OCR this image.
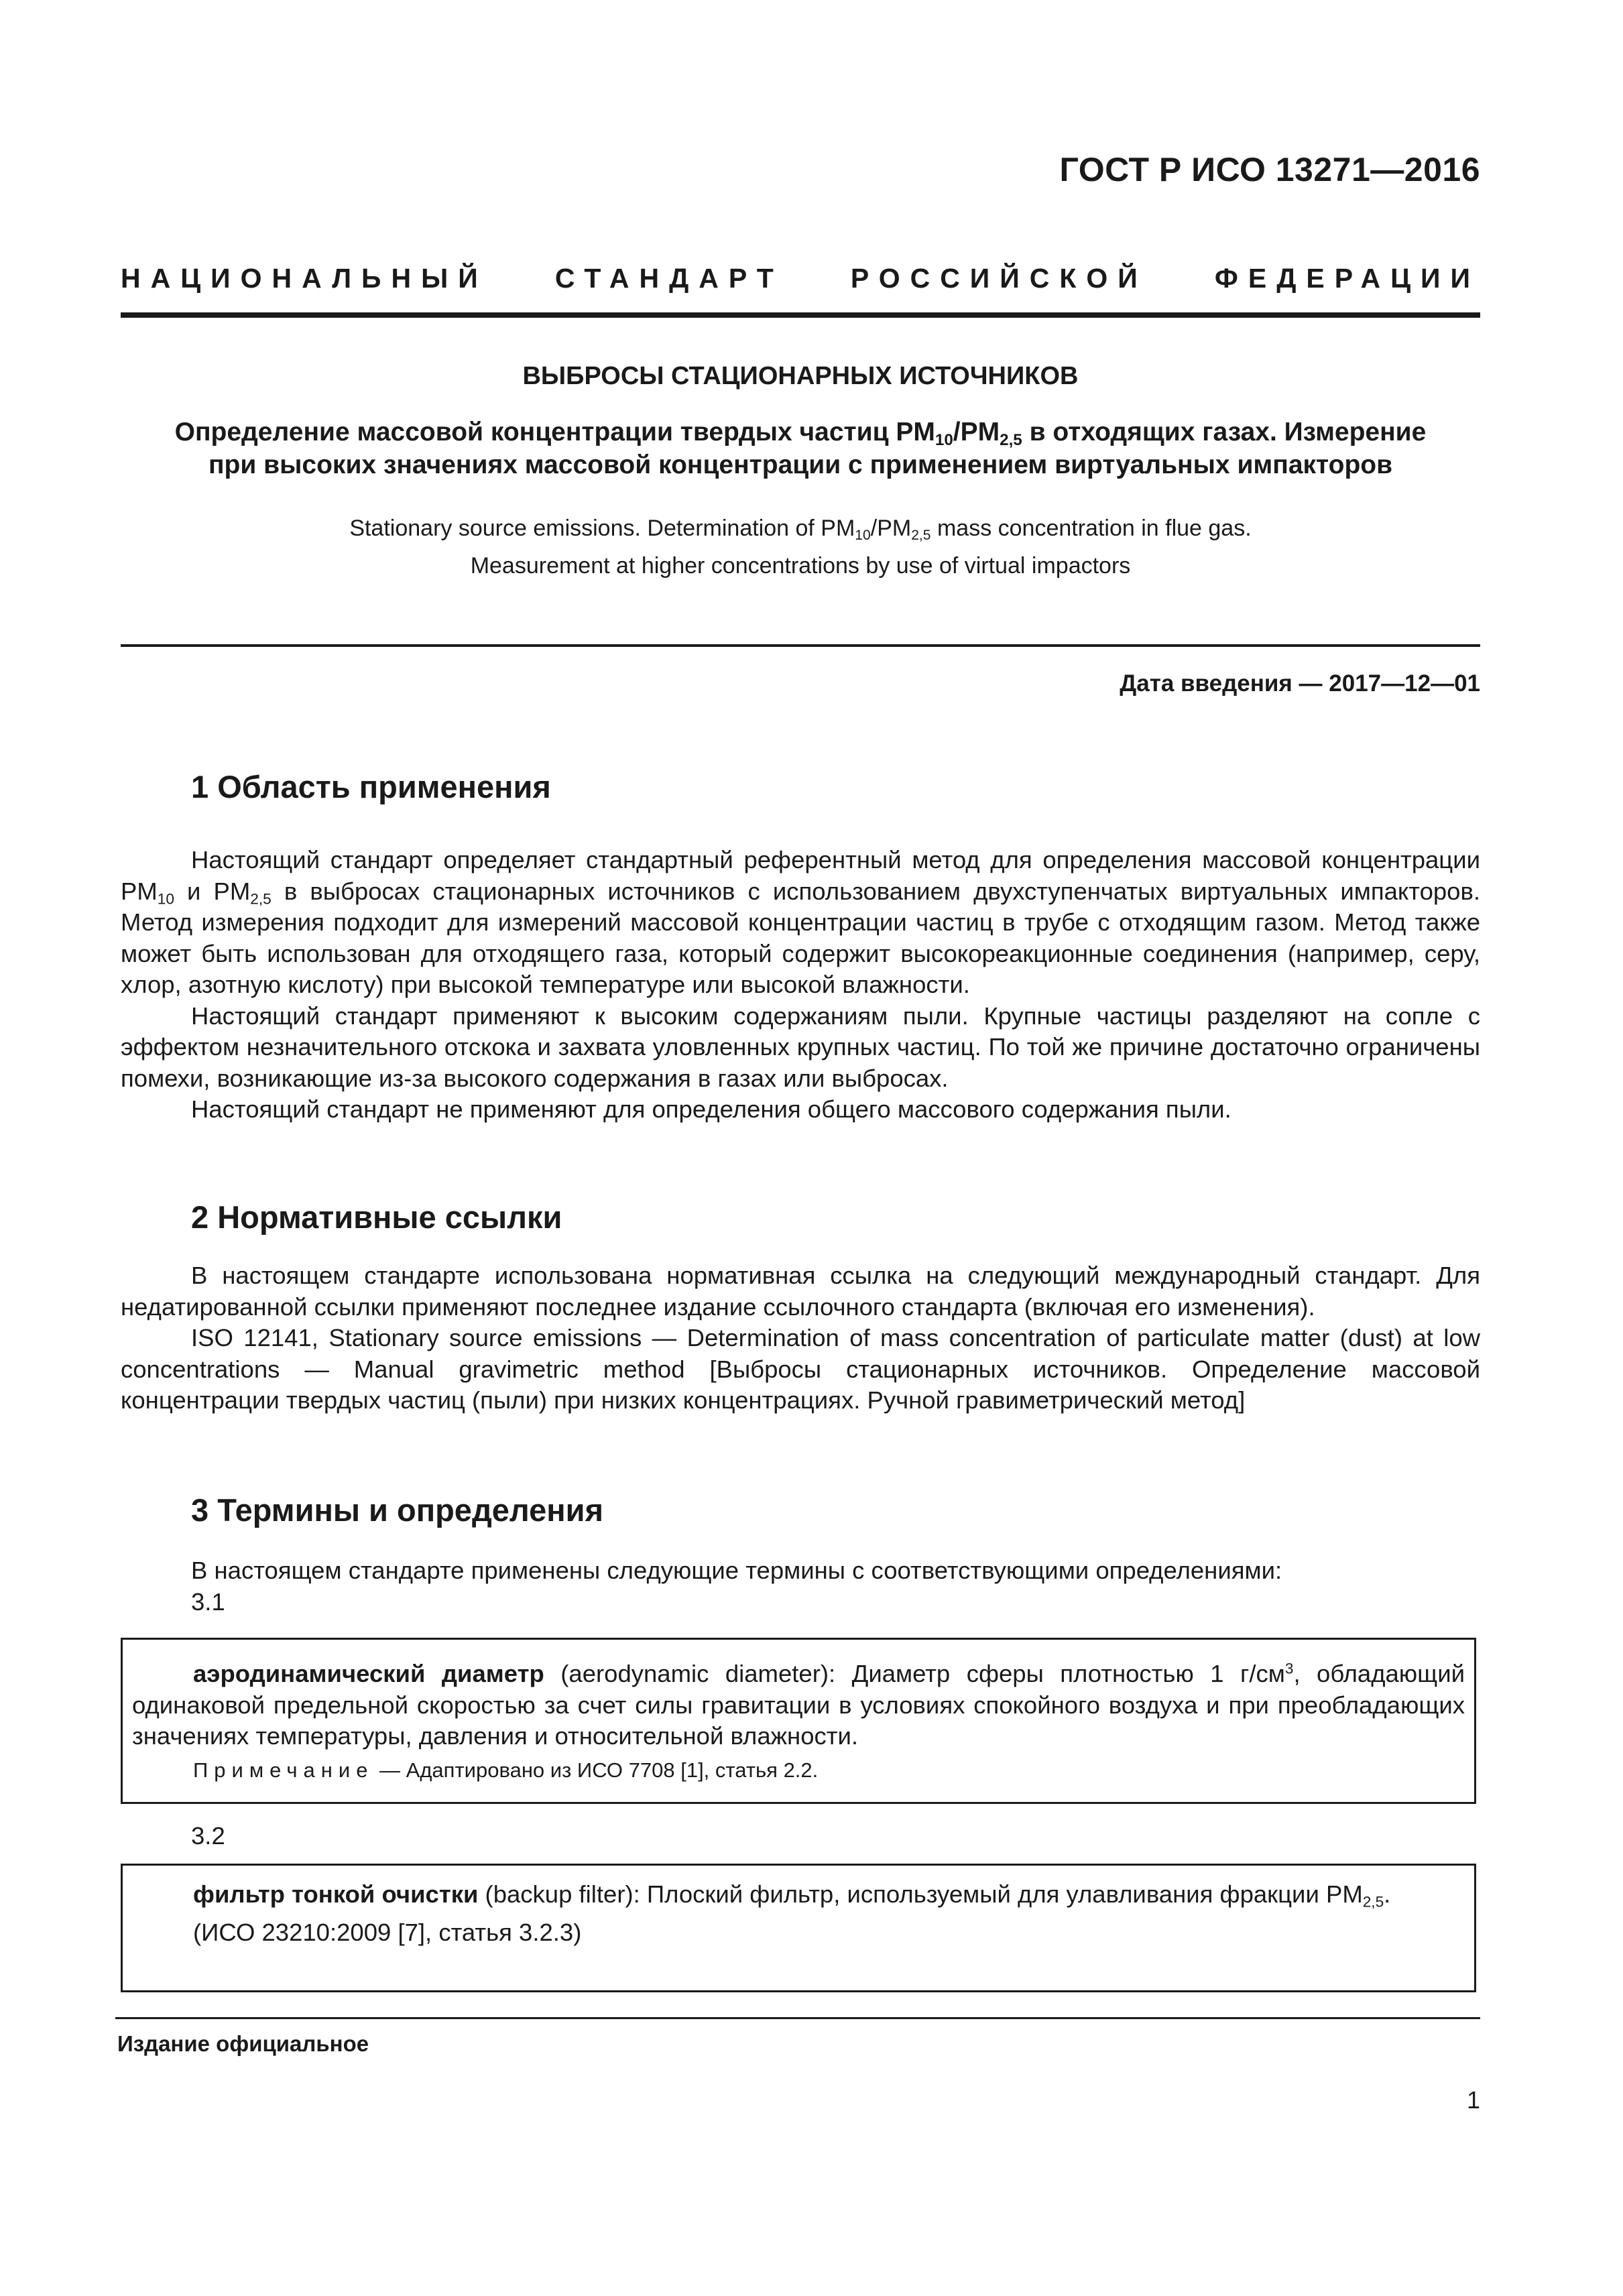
ГОСТ Р ИСО 13271—2016
НАЦИОНАЛЬНЫЙ СТАНДАРТ РОССИЙСКОЙ ФЕДЕРАЦИИ
ВЫБРОСЫ СТАЦИОНАРНЫХ ИСТОЧНИКОВ
Определение массовой концентрации твердых частиц $PM_{10}/PM_{2,5}$ в отходящих газах. Измерение
при высоких значениях массовой концентрации с применением виртуальных импакторов
Stationary source emissions. Determination of $PM_{10}/PM_{2,5}$ mass concentration in flue gas.
Measurement at higher concentrations by use of virtual impactors
Дата введения — 2017—12—01
1 Область применения

Настоящий стандарт определяет стандартный референтный метод для определения массовой концентрации $PM_{10}$ и $PM_{2,5}$ в выбросах стационарных источников с использованием двухступенчатых виртуальных импакторов. Метод измерения подходит для измерений массовой концентрации частиц в трубе с отходящим газом. Метод также может быть использован для отходящего газа, который содержит высокореакционные соединения (например, серу, хлор, азотную кислоту) при высокой температуре или высокой влажности.

Настоящий стандарт применяют к высоким содержаниям пыли. Крупные частицы разделяют на сопле с эффектом незначительного отскока и захвата уловленных крупных частиц. По той же причине достаточно ограничены помехи, возникающие из-за высокого содержания в газах или выбросах.

Настоящий стандарт не применяют для определения общего массового содержания пыли.

2 Нормативные ссылки

В настоящем стандарте использована нормативная ссылка на следующий международный стандарт. Для недатированной ссылки применяют последнее издание ссылочного стандарта (включая его изменения).

ISO 12141, Stationary source emissions — Determination of mass concentration of particulate matter (dust) at low concentrations — Manual gravimetric method [Выбросы стационарных источников. Определение массовой концентрации твердых частиц (пыли) при низких концентрациях. Ручной гравиметрический метод]

3 Термины и определения

В настоящем стандарте применены следующие термины с соответствующими определениями:

3.1

аэродинамический диаметр (aerodynamic diameter): Диаметр сферы плотностью 1 $г/см^3$, обладающий одинаковой предельной скоростью за счет силы гравитации в условиях спокойного воздуха и при преобладающих значениях температуры, давления и относительной влажности.

Примечание — Адаптировано из ИСО 7708 [1], статья 2.2.

3.2

фильтр тонкой очистки (backup filter): Плоский фильтр, используемый для улавливания фракции $PM_{2,5}$.

(ИСО 23210:2009 [7], статья 3.2.3)

Издание официальное
1
